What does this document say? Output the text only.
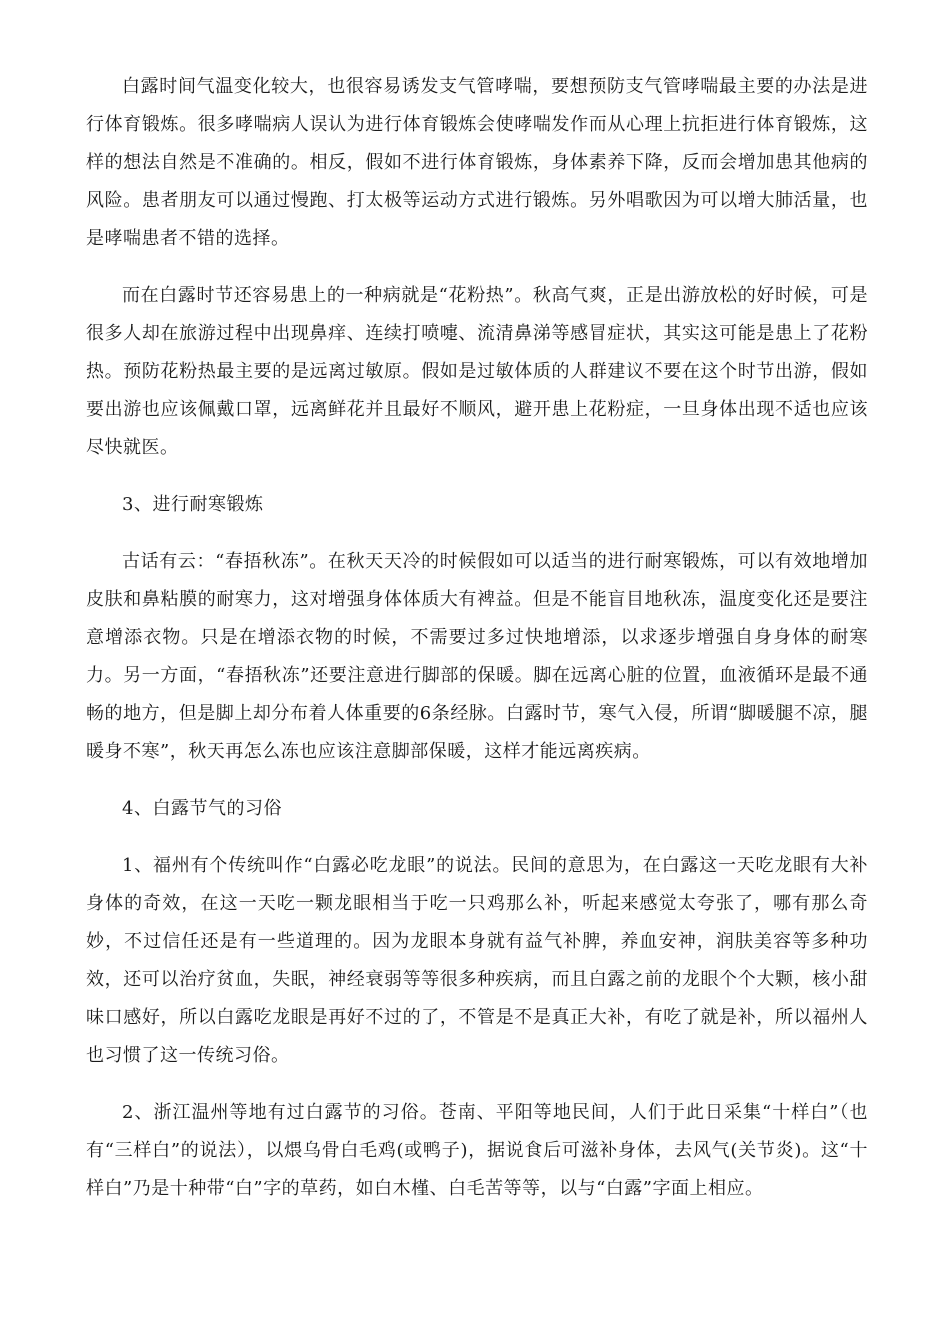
白露时间气温变化较大，也很容易诱发支气管哮喘，要想预防支气管哮喘最主要的办法是进行体育锻炼。很多哮喘病人误认为进行体育锻炼会使哮喘发作而从心理上抗拒进行体育锻炼，这样的想法自然是不准确的。相反，假如不进行体育锻炼，身体素养下降，反而会增加患其他病的风险。患者朋友可以通过慢跑、打太极等运动方式进行锻炼。另外唱歌因为可以增大肺活量，也是哮喘患者不错的选择。

而在白露时节还容易患上的一种病就是“花粉热”。秋高气爽，正是出游放松的好时候，可是很多人却在旅游过程中出现鼻痒、连续打喷嚏、流清鼻涕等感冒症状，其实这可能是患上了花粉热。预防花粉热最主要的是远离过敏原。假如是过敏体质的人群建议不要在这个时节出游，假如要出游也应该佩戴口罩，远离鲜花并且最好不顺风，避开患上花粉症，一旦身体出现不适也应该尽快就医。

3、进行耐寒锻炼

古话有云：“春捂秋冻”。在秋天天冷的时候假如可以适当的进行耐寒锻炼，可以有效地增加皮肤和鼻粘膜的耐寒力，这对增强身体体质大有裨益。但是不能盲目地秋冻，温度变化还是要注意增添衣物。只是在增添衣物的时候，不需要过多过快地增添，以求逐步增强自身身体的耐寒力。另一方面，“春捂秋冻”还要注意进行脚部的保暖。脚在远离心脏的位置，血液循环是最不通畅的地方，但是脚上却分布着人体重要的6条经脉。白露时节，寒气入侵，所谓“脚暖腿不凉，腿暖身不寒”，秋天再怎么冻也应该注意脚部保暖，这样才能远离疾病。

4、白露节气的习俗

1、福州有个传统叫作“白露必吃龙眼”的说法。民间的意思为，在白露这一天吃龙眼有大补身体的奇效，在这一天吃一颗龙眼相当于吃一只鸡那么补，听起来感觉太夸张了，哪有那么奇妙，不过信任还是有一些道理的。因为龙眼本身就有益气补脾，养血安神，润肤美容等多种功效，还可以治疗贫血，失眠，神经衰弱等等很多种疾病，而且白露之前的龙眼个个大颗，核小甜味口感好，所以白露吃龙眼是再好不过的了，不管是不是真正大补，有吃了就是补，所以福州人也习惯了这一传统习俗。

2、浙江温州等地有过白露节的习俗。苍南、平阳等地民间，人们于此日采集“十样白”（也有“三样白”的说法），以煨乌骨白毛鸡(或鸭子)，据说食后可滋补身体，去风气(关节炎)。这“十样白”乃是十种带“白”字的草药，如白木槿、白毛苦等等，以与“白露”字面上相应。
